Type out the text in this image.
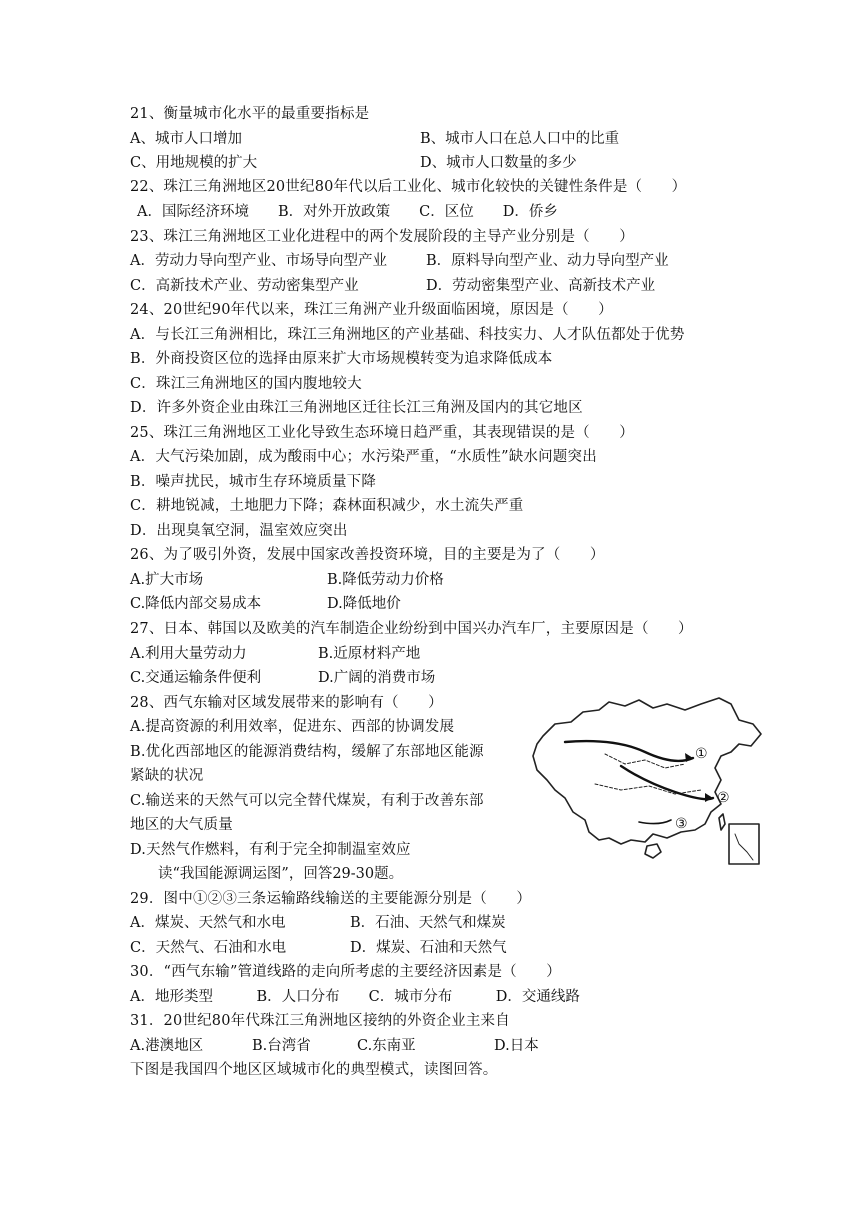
21、衡量城市化水平的最重要指标是
A、城市人口增加	B、城市人口在总人口中的比重
C、用地规模的扩大	D、城市人口数量的多少
22、珠江三角洲地区20世纪80年代以后工业化、城市化较快的关键性条件是（　　）
A．国际经济环境　　B．对外开放政策　　C．区位　　D．侨乡
23、珠江三角洲地区工业化进程中的两个发展阶段的主导产业分别是（　　）
A．劳动力导向型产业、市场导向型产业	B．原料导向型产业、动力导向型产业
C．高新技术产业、劳动密集型产业	D．劳动密集型产业、高新技术产业
24、20世纪90年代以来，珠江三角洲产业升级面临困境，原因是（　　）
A．与长江三角洲相比，珠江三角洲地区的产业基础、科技实力、人才队伍都处于优势
B．外商投资区位的选择由原来扩大市场规模转变为追求降低成本
C．珠江三角洲地区的国内腹地较大
D．许多外资企业由珠江三角洲地区迁往长江三角洲及国内的其它地区
25、珠江三角洲地区工业化导致生态环境日趋严重，其表现错误的是（　　）
A．大气污染加剧，成为酸雨中心；水污染严重，“水质性”缺水问题突出
B．噪声扰民，城市生存环境质量下降
C．耕地锐减，土地肥力下降；森林面积减少，水土流失严重
D．出现臭氧空洞，温室效应突出
26、为了吸引外资，发展中国家改善投资环境，目的主要是为了（　　）
A.扩大市场	B.降低劳动力价格
C.降低内部交易成本	D.降低地价
27、日本、韩国以及欧美的汽车制造企业纷纷到中国兴办汽车厂，主要原因是（　　）
A.利用大量劳动力	B.近原材料产地
C.交通运输条件便利	D.广阔的消费市场
28、西气东输对区域发展带来的影响有（　　）
A.提高资源的利用效率，促进东、西部的协调发展
B.优化西部地区的能源消费结构，缓解了东部地区能源
紧缺的状况
C.输送来的天然气可以完全替代煤炭，有利于改善东部
地区的大气质量
D.天然气作燃料，有利于完全抑制温室效应
①
②
③
读“我国能源调运图”，回答29-30题。
29．图中①②③三条运输路线输送的主要能源分别是（　　）
A．煤炭、天然气和水电	B．石油、天然气和煤炭
C．天然气、石油和水电	D．煤炭、石油和天然气
30．“西气东输”管道线路的走向所考虑的主要经济因素是（　　）
A．地形类型　　　B．人口分布　　C．城市分布　　　D．交通线路
31．20世纪80年代珠江三角洲地区接纳的外资企业主来自
A.港澳地区	B.台湾省	C.东南亚	D.日本
下图是我国四个地区区域城市化的典型模式，读图回答。
